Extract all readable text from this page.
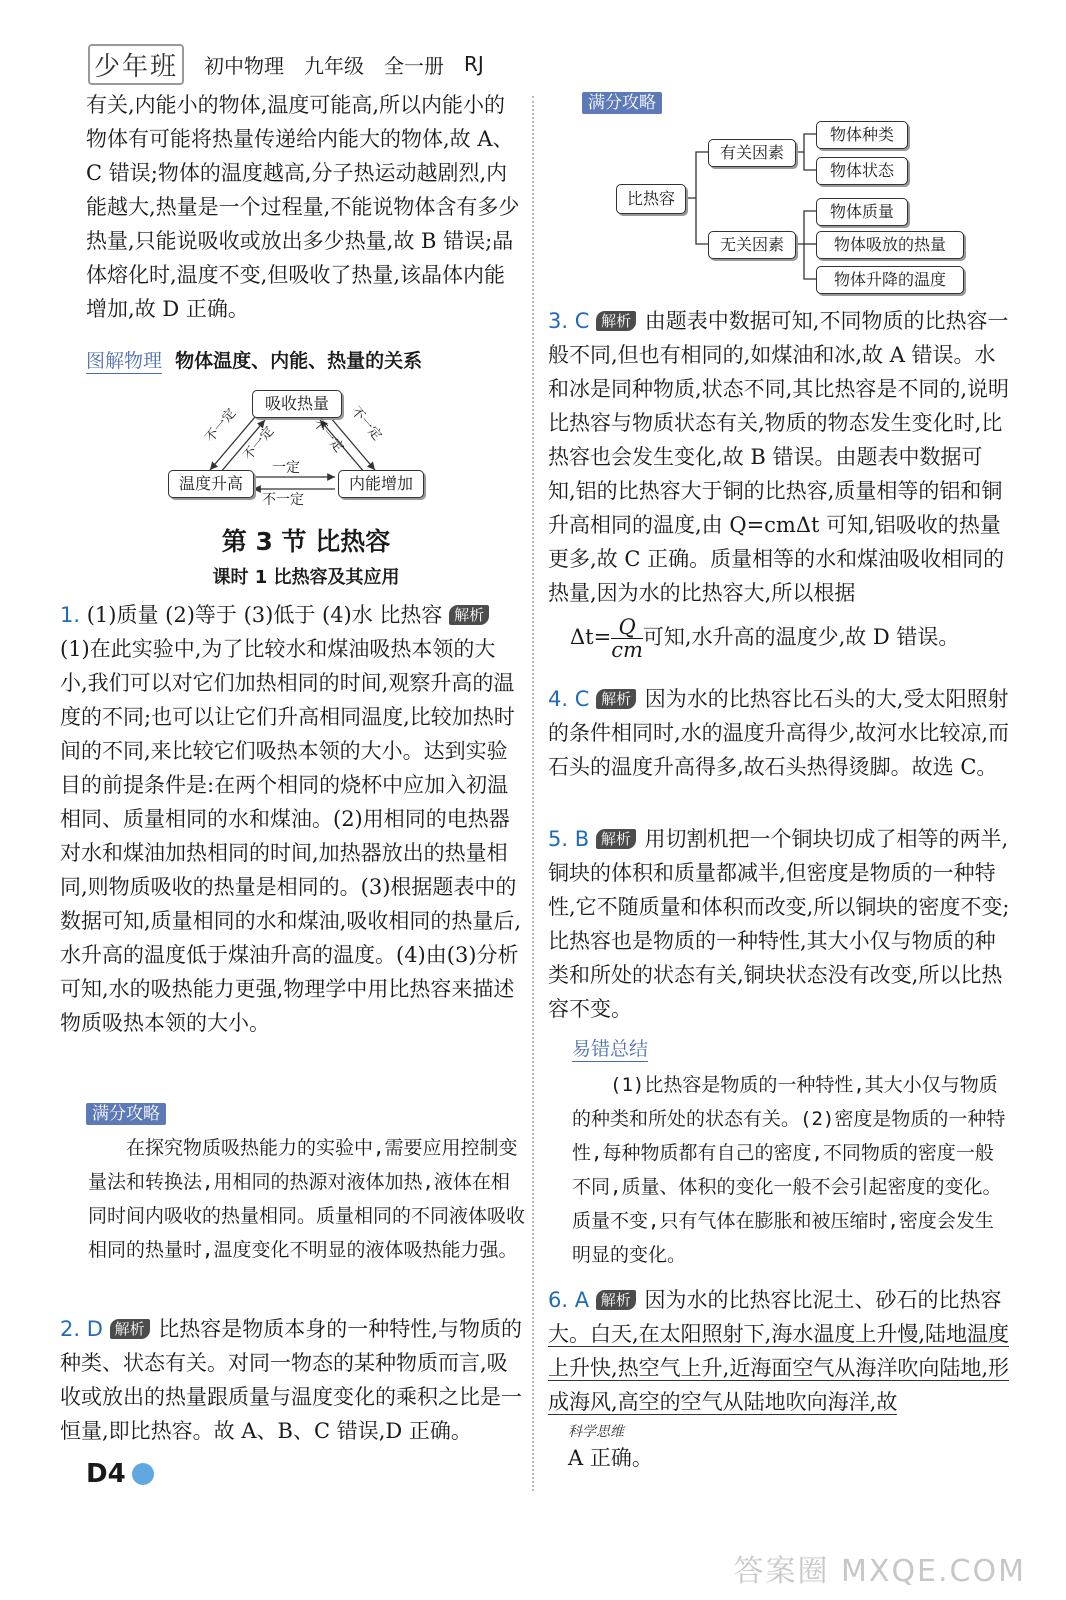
少年班	初中物理 九年级 全一册 RJ

有关,内能小的物体,温度可能高,所以内能小的物体有可能将热量传递给内能大的物体,故 A、C 错误;物体的温度越高,分子热运动越剧烈,内能越大,热量是一个过程量,不能说物体含有多少热量,只能说吸收或放出多少热量,故 B 错误;晶体熔化时,温度不变,但吸收了热量,该晶体内能增加,故 D 正确。

图解物理 物体温度、内能、热量的关系
吸收热量
温度升高	内能增加
一定
不一定
不一定 不一定 不一定 不一定
第 3 节 比热容
课时 1 比热容及其应用

1. (1)质量 (2)等于 (3)低于 (4)水 比热容 解析 (1)在此实验中,为了比较水和煤油吸热本领的大小,我们可以对它们加热相同的时间,观察升高的温度的不同;也可以让它们升高相同温度,比较加热时间的不同,来比较它们吸热本领的大小。达到实验目的前提条件是:在两个相同的烧杯中应加入初温相同、质量相同的水和煤油。(2)用相同的电热器对水和煤油加热相同的时间,加热器放出的热量相同,则物质吸收的热量是相同的。(3)根据题表中的数据可知,质量相同的水和煤油,吸收相同的热量后,水升高的温度低于煤油升高的温度。(4)由(3)分析可知,水的吸热能力更强,物理学中用比热容来描述物质吸热本领的大小。

满分攻略

在探究物质吸热能力的实验中,需要应用控制变量法和转换法,用相同的热源对液体加热,液体在相同时间内吸收的热量相同。质量相同的不同液体吸收相同的热量时,温度变化不明显的液体吸热能力强。

2. D 解析 比热容是物质本身的一种特性,与物质的种类、状态有关。对同一物态的某种物质而言,吸收或放出的热量跟质量与温度变化的乘积之比是一恒量,即比热容。故 A、B、C 错误,D 正确。

满分攻略
比热容
有关因素
无关因素
物体种类
物体状态
物体质量
物体吸放的热量
物体升降的温度

3. C 解析 由题表中数据可知,不同物质的比热容一般不同,但也有相同的,如煤油和冰,故 A 错误。水和冰是同种物质,状态不同,其比热容是不同的,说明比热容与物质状态有关,物质的物态发生变化时,比热容也会发生变化,故 B 错误。由题表中数据可知,铝的比热容大于铜的比热容,质量相等的铝和铜升高相同的温度,由 Q=cmΔt 可知,铝吸收的热量更多,故 C 正确。质量相等的水和煤油吸收相同的热量,因为水的比热容大,所以根据

$\Delta t= \frac{Q}{cm}$ 可知,水升高的温度少,故 D 错误。

4. C 解析 因为水的比热容比石头的大,受太阳照射的条件相同时,水的温度升高得少,故河水比较凉,而石头的温度升高得多,故石头热得烫脚。故选 C。

5. B 解析 用切割机把一个铜块切成了相等的两半,铜块的体积和质量都减半,但密度是物质的一种特性,它不随质量和体积而改变,所以铜块的密度不变;比热容也是物质的一种特性,其大小仅与物质的种类和所处的状态有关,铜块状态没有改变,所以比热容不变。

易错总结

(1)比热容是物质的一种特性,其大小仅与物质的种类和所处的状态有关。(2)密度是物质的一种特性,每种物质都有自己的密度,不同物质的密度一般不同,质量、体积的变化一般不会引起密度的变化。质量不变,只有气体在膨胀和被压缩时,密度会发生明显的变化。

6. A 解析 因为水的比热容比泥土、砂石的比热容 大。白天,在太阳照射下,海水温度上升慢,陆地温度上升快,热空气上升,近海面空气从海洋吹向陆地,形成海风,高空的空气从陆地吹向海洋,故

科学思维

A 正确。

D4
答案圈 MXQE.COM
